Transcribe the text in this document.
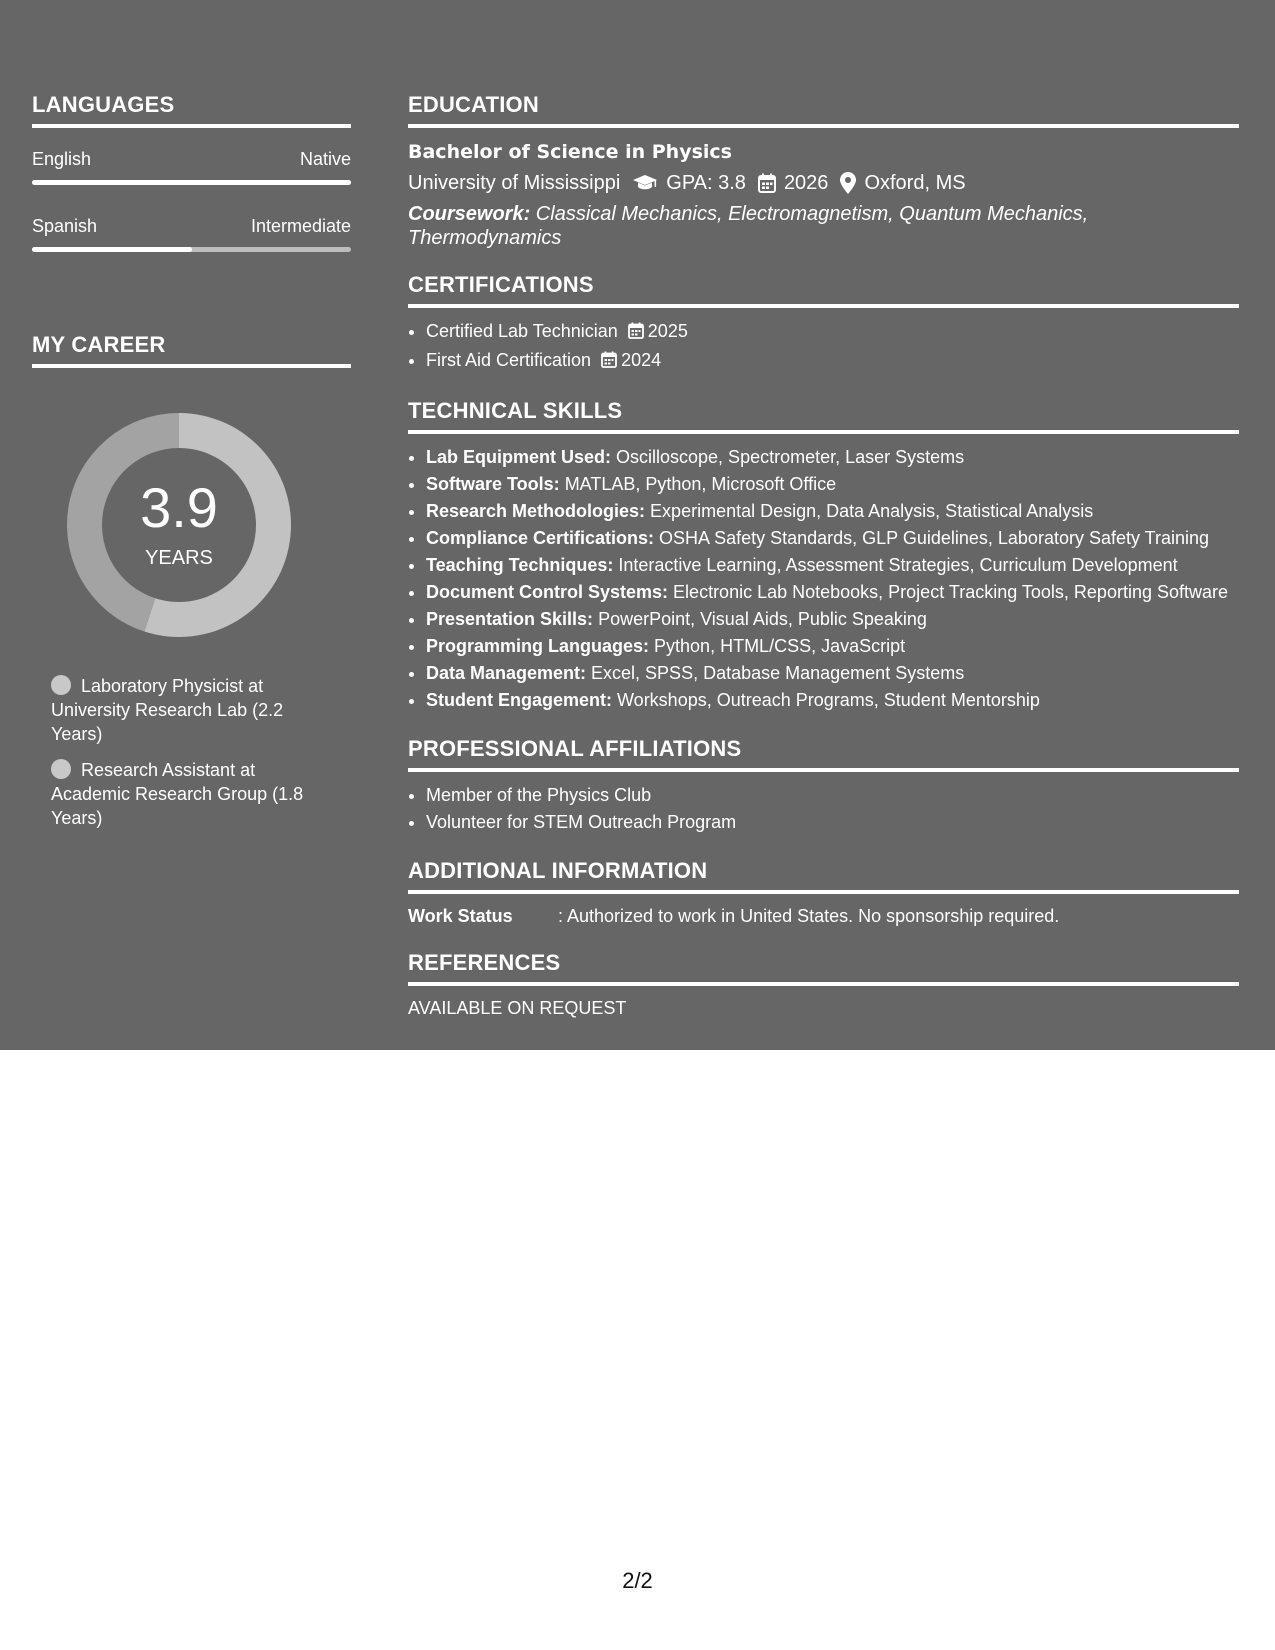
LANGUAGES
English	Native
Spanish	Intermediate
MY CAREER
3.9
YEARS
Laboratory Physicist at University Research Lab (2.2 Years)
Research Assistant at Academic Research Group (1.8 Years)
EDUCATION
Bachelor of Science in Physics
University of Mississippi GPA: 3.8 2026 Oxford, MS
Coursework: Classical Mechanics, Electromagnetism, Quantum Mechanics, Thermodynamics
CERTIFICATIONS
• Certified Lab Technician 2025
• First Aid Certification 2024
TECHNICAL SKILLS
• Lab Equipment Used: Oscilloscope, Spectrometer, Laser Systems
• Software Tools: MATLAB, Python, Microsoft Office
• Research Methodologies: Experimental Design, Data Analysis, Statistical Analysis
• Compliance Certifications: OSHA Safety Standards, GLP Guidelines, Laboratory Safety Training
• Teaching Techniques: Interactive Learning, Assessment Strategies, Curriculum Development
• Document Control Systems: Electronic Lab Notebooks, Project Tracking Tools, Reporting Software
• Presentation Skills: PowerPoint, Visual Aids, Public Speaking
• Programming Languages: Python, HTML/CSS, JavaScript
• Data Management: Excel, SPSS, Database Management Systems
• Student Engagement: Workshops, Outreach Programs, Student Mentorship
PROFESSIONAL AFFILIATIONS
• Member of the Physics Club
• Volunteer for STEM Outreach Program
ADDITIONAL INFORMATION
Work Status	: Authorized to work in United States. No sponsorship required.
REFERENCES
AVAILABLE ON REQUEST
2/2
